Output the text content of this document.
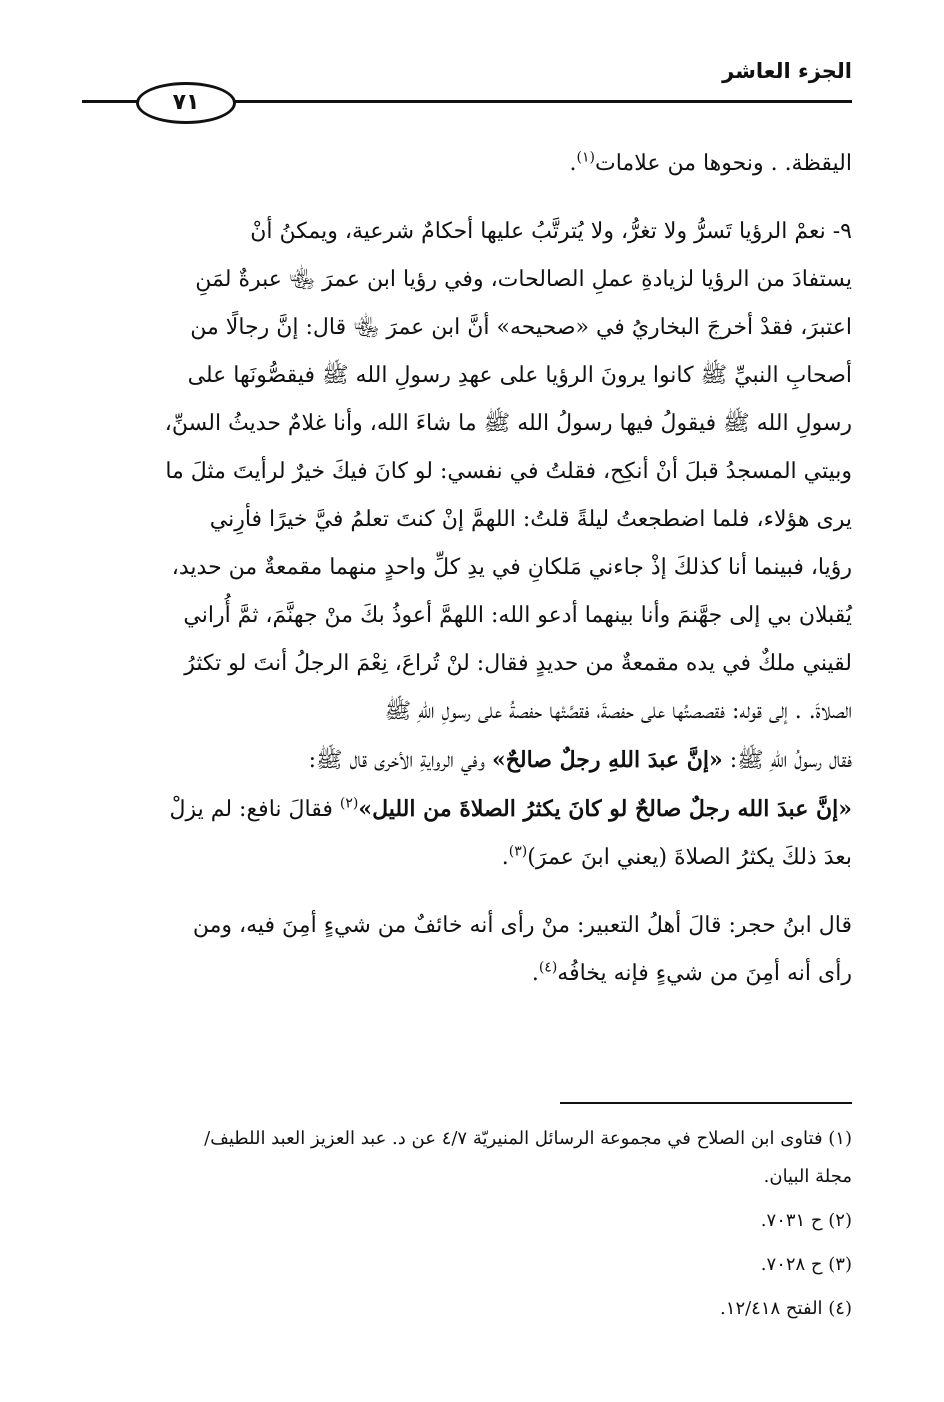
الجزء العاشر
٧١

اليقظة. . ونحوها من علامات$^{(١)}$.

٩- نعمْ الرؤيا تَسرُّ ولا تغرُّ، ولا يُترتَّبُ عليها أحكامٌ شرعية، ويمكنُ أنْ
يستفادَ من الرؤيا لزيادةِ عملِ الصالحات، وفي رؤيا ابن عمرَ ﵄ عبرةٌ لمَنِ
اعتبرَ، فقدْ أخرجَ البخاريُ في «صحيحه» أنَّ ابن عمرَ ﵄ قال: إنَّ رجالًا من
أصحابِ النبيِّ ﷺ كانوا يرونَ الرؤيا على عهدِ رسولِ الله ﷺ فيقصُّونَها على
رسولِ الله ﷺ فيقولُ فيها رسولُ الله ﷺ ما شاءَ الله، وأنا غلامٌ حديثُ السنِّ،
وبيتي المسجدُ قبلَ أنْ أنكِح، فقلتُ في نفسي: لو كانَ فيكَ خيرٌ لرأيتَ مثلَ ما
يرى هؤلاء، فلما اضطجعتُ ليلةً قلتُ: اللهمَّ إنْ كنتَ تعلمُ فيَّ خيرًا فأرِني
رؤيا، فبينما أنا كذلكَ إذْ جاءني مَلكانِ في يدِ كلِّ واحدٍ منهما مقمعةٌ من حديد،
يُقبلان بي إلى جهَّنمَ وأنا بينهما أدعو الله: اللهمَّ أعوذُ بكَ منْ جهنَّمَ، ثمَّ أُراني
لقيني ملكٌ في يده مقمعةٌ من حديدٍ فقال: لنْ تُراعَ، نِعْمَ الرجلُ أنتَ لو تكثرُ
الصلاةَ. . إلى قوله: فقصصتُها على حفصةَ، فقصَّتْها حفصةُ على رسولِ اللهِ ﷺ
فقال رسولُ اللهِ ﷺ: «إنَّ عبدَ اللهِ رجلٌ صالحٌ» وفي الروايةِ الأخرى قال ﷺ:
«إنَّ عبدَ الله رجلٌ صالحٌ لو كانَ يكثرُ الصلاةَ من الليل»$^{(٢)}$ فقالَ نافع: لم يزلْ
بعدَ ذلكَ يكثرُ الصلاةَ (يعني ابنَ عمرَ)$^{(٣)}$.

قال ابنُ حجر: قالَ أهلُ التعبير: منْ رأى أنه خائفٌ من شيءٍ أمِنَ فيه، ومن
رأى أنه أمِنَ من شيءٍ فإنه يخافُه$^{(٤)}$.

(١) فتاوى ابن الصلاح في مجموعة الرسائل المنيريّة ٤/٧ عن د. عبد العزيز العبد اللطيف/
مجلة البيان.

(٢) ح ٧٠٣١.

(٣) ح ٧٠٢٨.

(٤) الفتح ١٢/٤١٨.
